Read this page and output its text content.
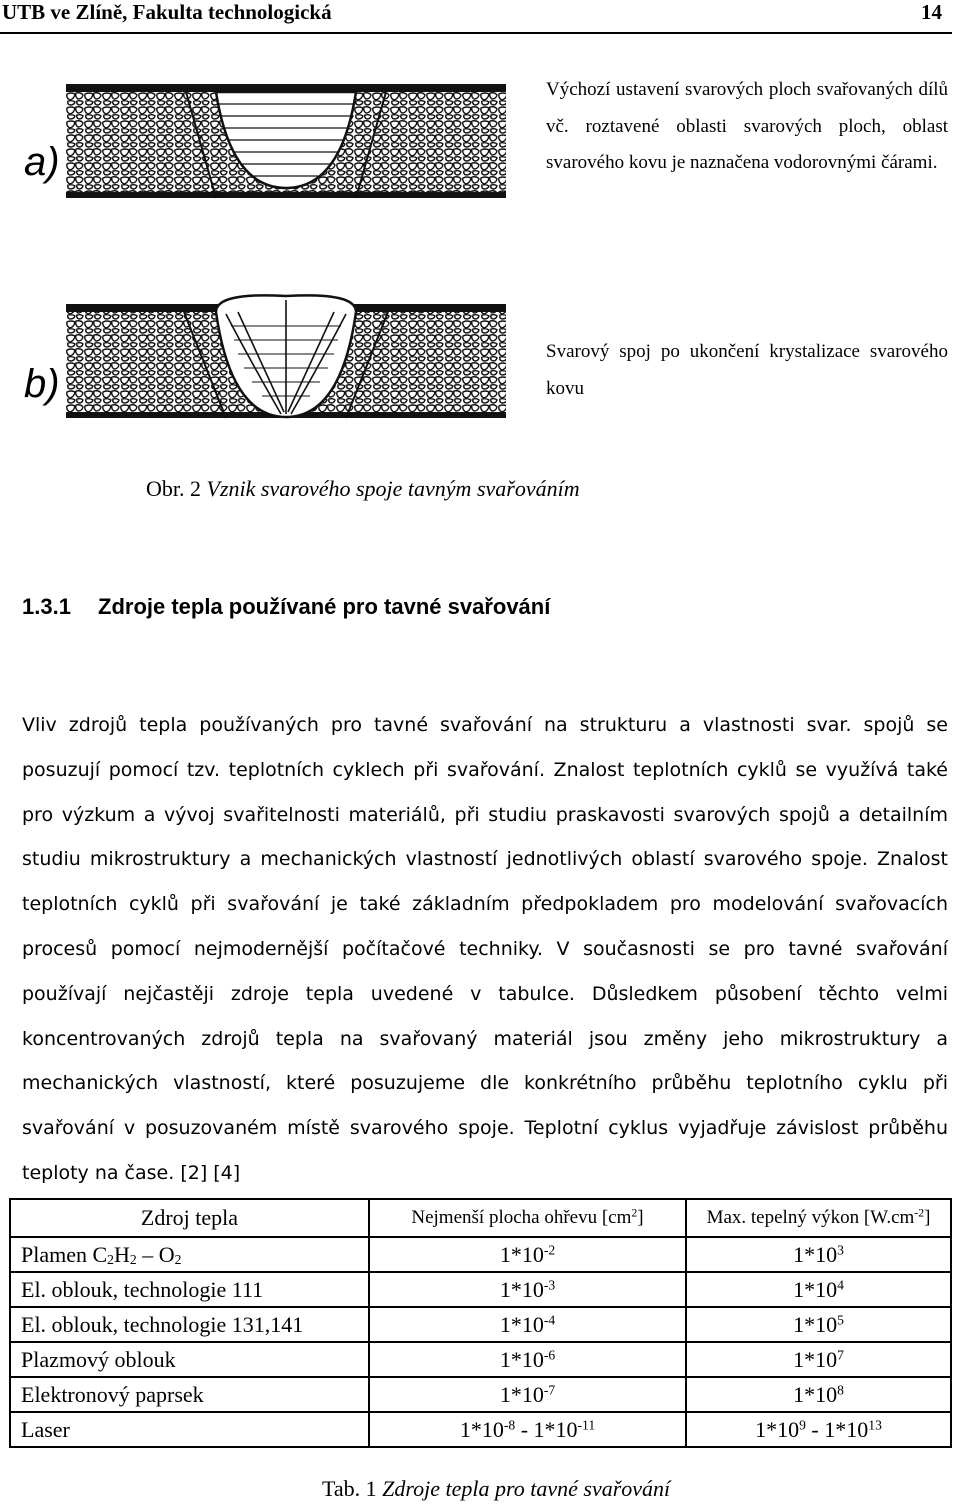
UTB ve Zlíně, Fakulta technologická	14
a)
Výchozí ustavení svarových ploch svařovaných dílů vč. roztavené oblasti svarových ploch, oblast svarového kovu je naznačena vodorovnými čárami.
b)
Svarový spoj po ukončení krystalizace svarového kovu
Obr. 2 Vznik svarového spoje tavným svařováním
1.3.1 Zdroje tepla používané pro tavné svařování
Vliv zdrojů tepla používaných pro tavné svařování na strukturu a vlastnosti svar. spojů se posuzují pomocí tzv. teplotních cyklech při svařování. Znalost teplotních cyklů se využívá také pro výzkum a vývoj svařitelnosti materiálů, při studiu praskavosti svarových spojů a detailním studiu mikrostruktury a mechanických vlastností jednotlivých oblastí svarového spoje. Znalost teplotních cyklů při svařování je také základním předpokladem pro modelování svařovacích procesů pomocí nejmodernější počítačové techniky. V současnosti se pro tavné svařování používají nejčastěji zdroje tepla uvedené v tabulce. Důsledkem působení těchto velmi koncentrovaných zdrojů tepla na svařovaný materiál jsou změny jeho mikrostruktury a mechanických vlastností, které posuzujeme dle konkrétního průběhu teplotního cyklu při svařování v posuzovaném místě svarového spoje. Teplotní cyklus vyjadřuje závislost průběhu teploty na čase. [2] [4]
Zdroj tepla	Nejmenší plocha ohřevu $[cm^2]$	Max. tepelný výkon $[W.cm^{-2}]$
Plamen $C_2H_2 - O_2$	$1*10^{-2}$	$1*10^3$
El. oblouk, technologie 111	$1*10^{-3}$	$1*10^4$
El. oblouk, technologie 131,141	$1*10^{-4}$	$1*10^5$
Plazmový oblouk	$1*10^{-6}$	$1*10^7$
Elektronový paprsek	$1*10^{-7}$	$1*10^8$
Laser	$1*10^{-8} - 1*10^{-11}$	$1*10^9 - 1*10^{13}$
Tab. 1 Zdroje tepla pro tavné svařování
